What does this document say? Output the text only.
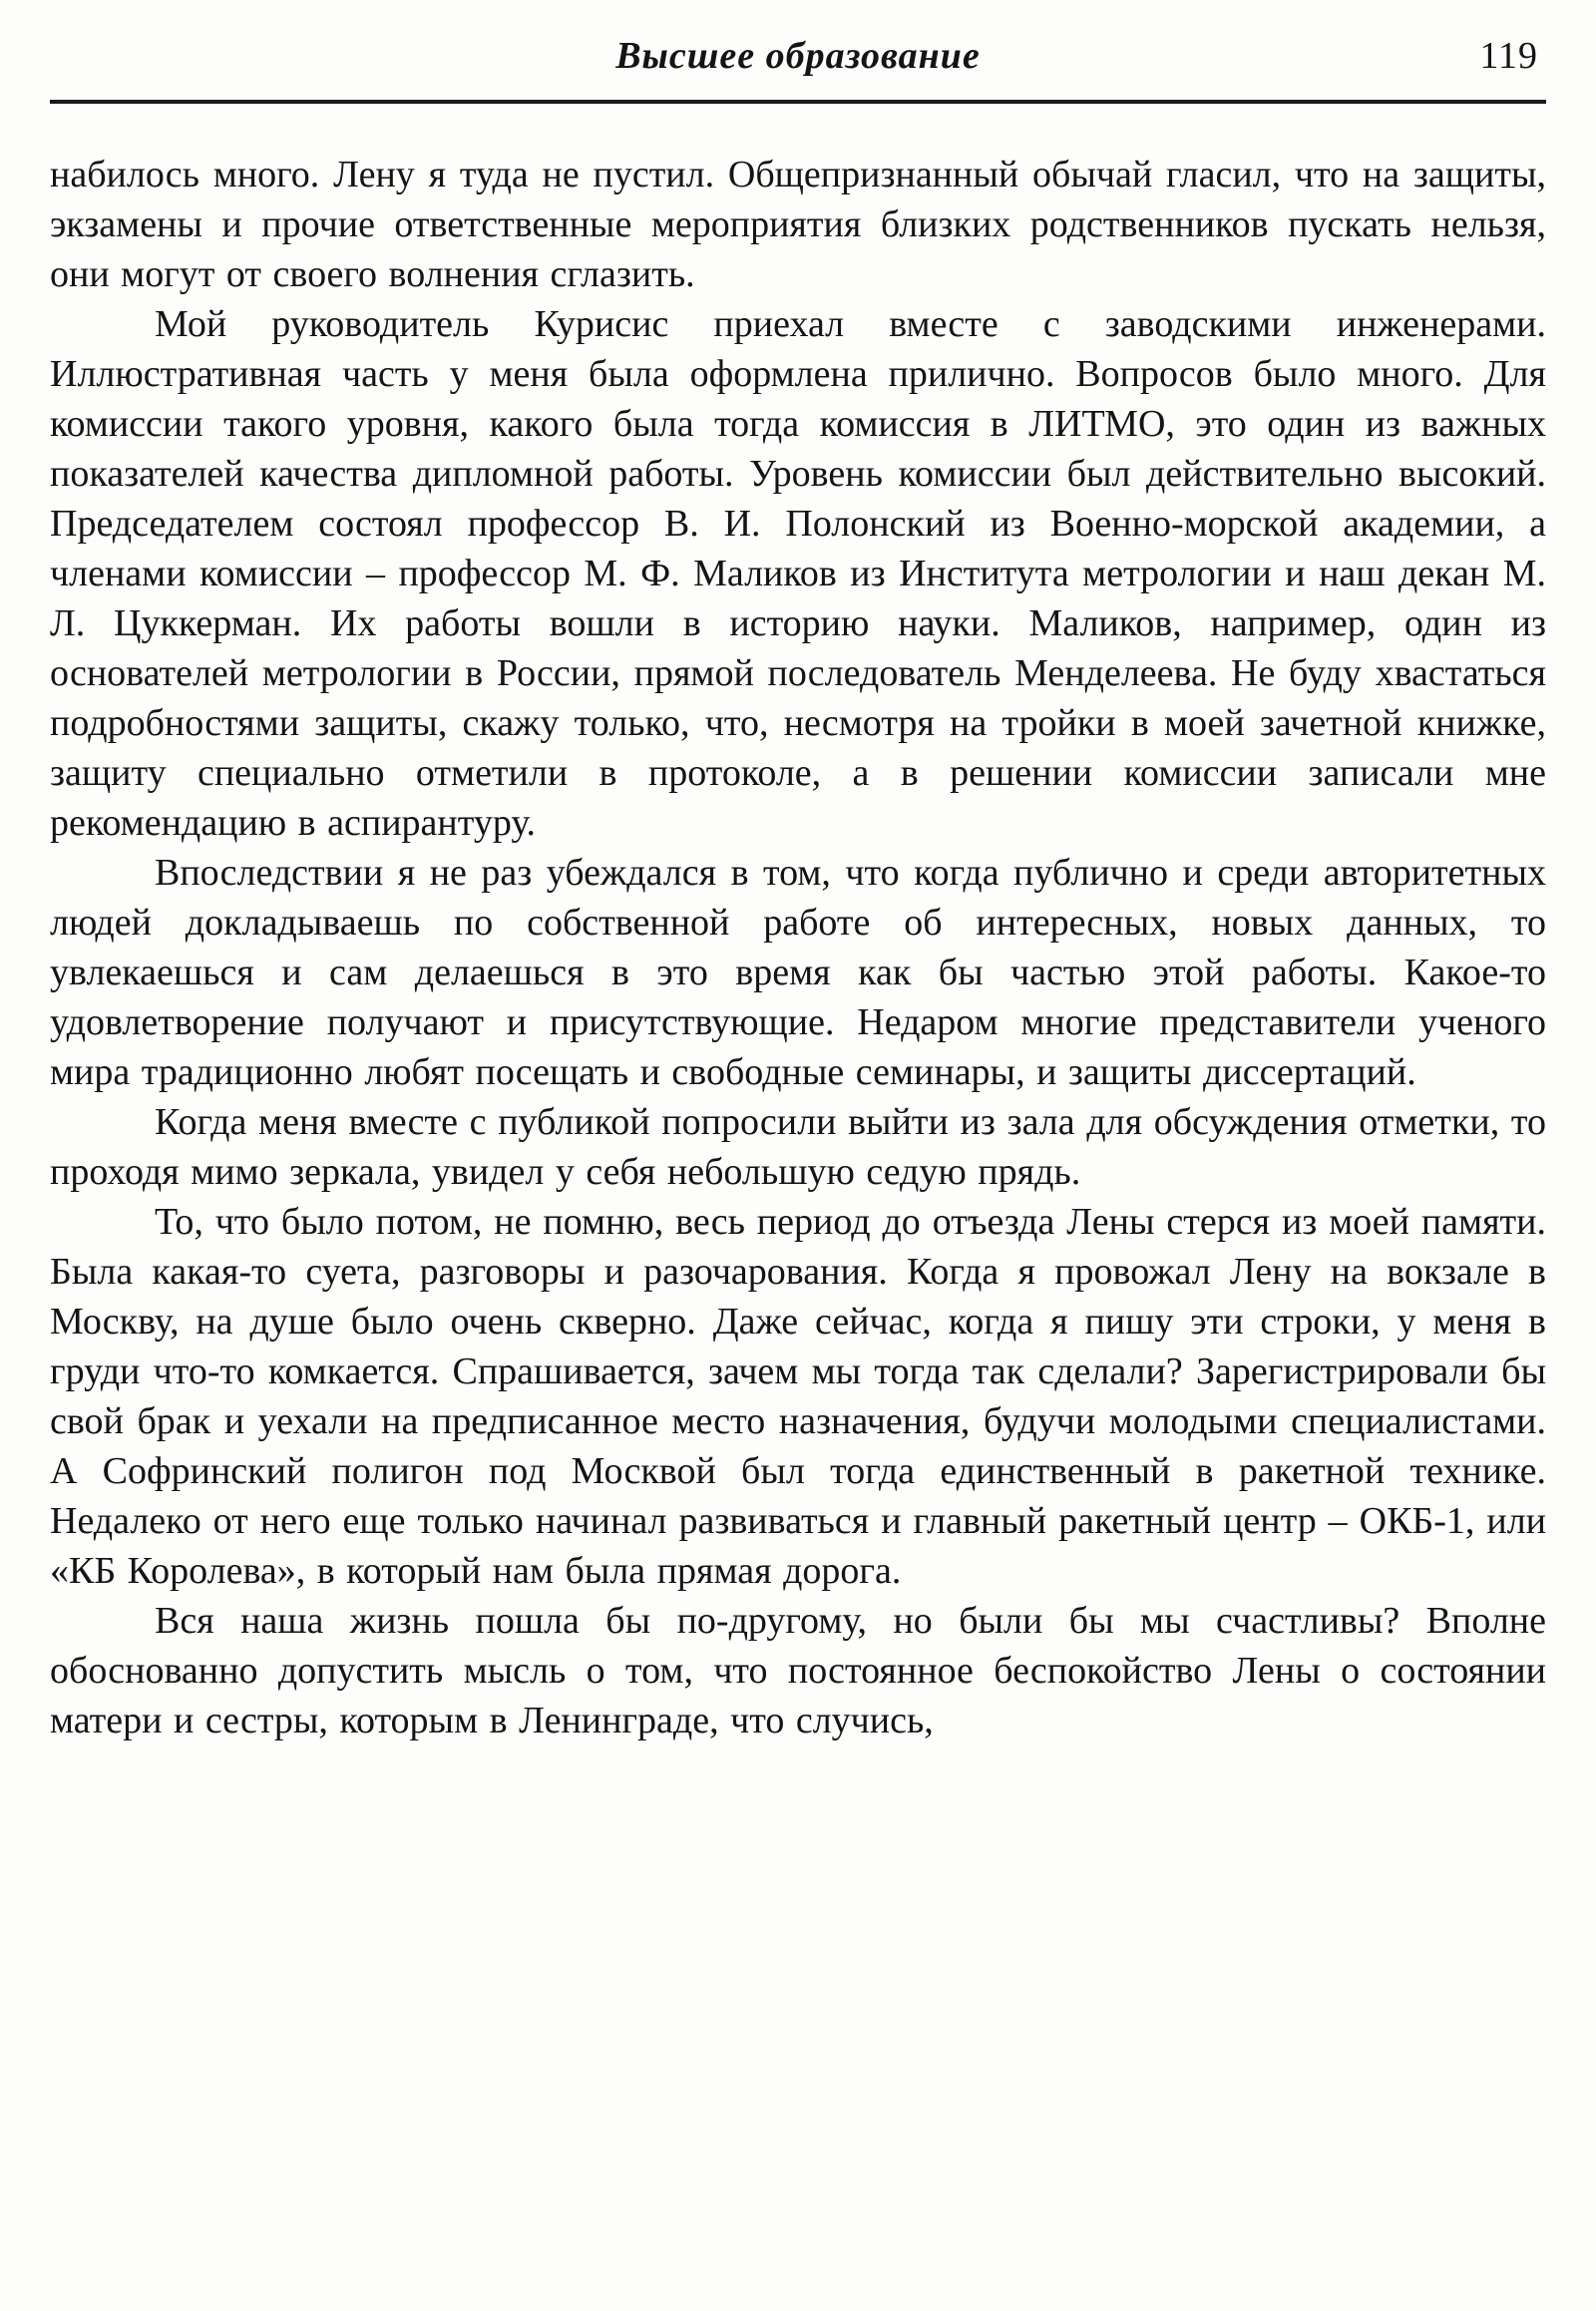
Высшее образование	119

набилось много. Лену я туда не пустил. Общепризнанный обычай гласил, что на защиты, экзамены и прочие ответственные мероприятия близких родственников пускать нельзя, они могут от своего волнения сглазить.

Мой руководитель Курисис приехал вместе с заводскими инженерами. Иллюстративная часть у меня была оформлена прилично. Вопросов было много. Для комиссии такого уровня, какого была тогда комиссия в ЛИТМО, это один из важных показателей качества дипломной работы. Уровень комиссии был действительно высокий. Председателем состоял профессор В. И. Полонский из Военно-морской академии, а членами комиссии – профессор М. Ф. Маликов из Института метрологии и наш декан М. Л. Цуккерман. Их работы вошли в историю науки. Маликов, например, один из основателей метрологии в России, прямой последователь Менделеева. Не буду хвастаться подробностями защиты, скажу только, что, несмотря на тройки в моей зачетной книжке, защиту специально отметили в протоколе, а в решении комиссии записали мне рекомендацию в аспирантуру.

Впоследствии я не раз убеждался в том, что когда публично и среди авторитетных людей докладываешь по собственной работе об интересных, новых данных, то увлекаешься и сам делаешься в это время как бы частью этой работы. Какое-то удовлетворение получают и присутствующие. Недаром многие представители ученого мира традиционно любят посещать и свободные семинары, и защиты диссертаций.

Когда меня вместе с публикой попросили выйти из зала для обсуждения отметки, то проходя мимо зеркала, увидел у себя небольшую седую прядь.

То, что было потом, не помню, весь период до отъезда Лены стерся из моей памяти. Была какая-то суета, разговоры и разочарования. Когда я провожал Лену на вокзале в Москву, на душе было очень скверно. Даже сейчас, когда я пишу эти строки, у меня в груди что-то комкается. Спрашивается, зачем мы тогда так сделали? Зарегистрировали бы свой брак и уехали на предписанное место назначения, будучи молодыми специалистами. А Софринский полигон под Москвой был тогда единственный в ракетной технике. Недалеко от него еще только начинал развиваться и главный ракетный центр – ОКБ-1, или «КБ Королева», в который нам была прямая дорога.

Вся наша жизнь пошла бы по-другому, но были бы мы счастливы? Вполне обоснованно допустить мысль о том, что постоянное беспокойство Лены о состоянии матери и сестры, которым в Ленинграде, что случись,
